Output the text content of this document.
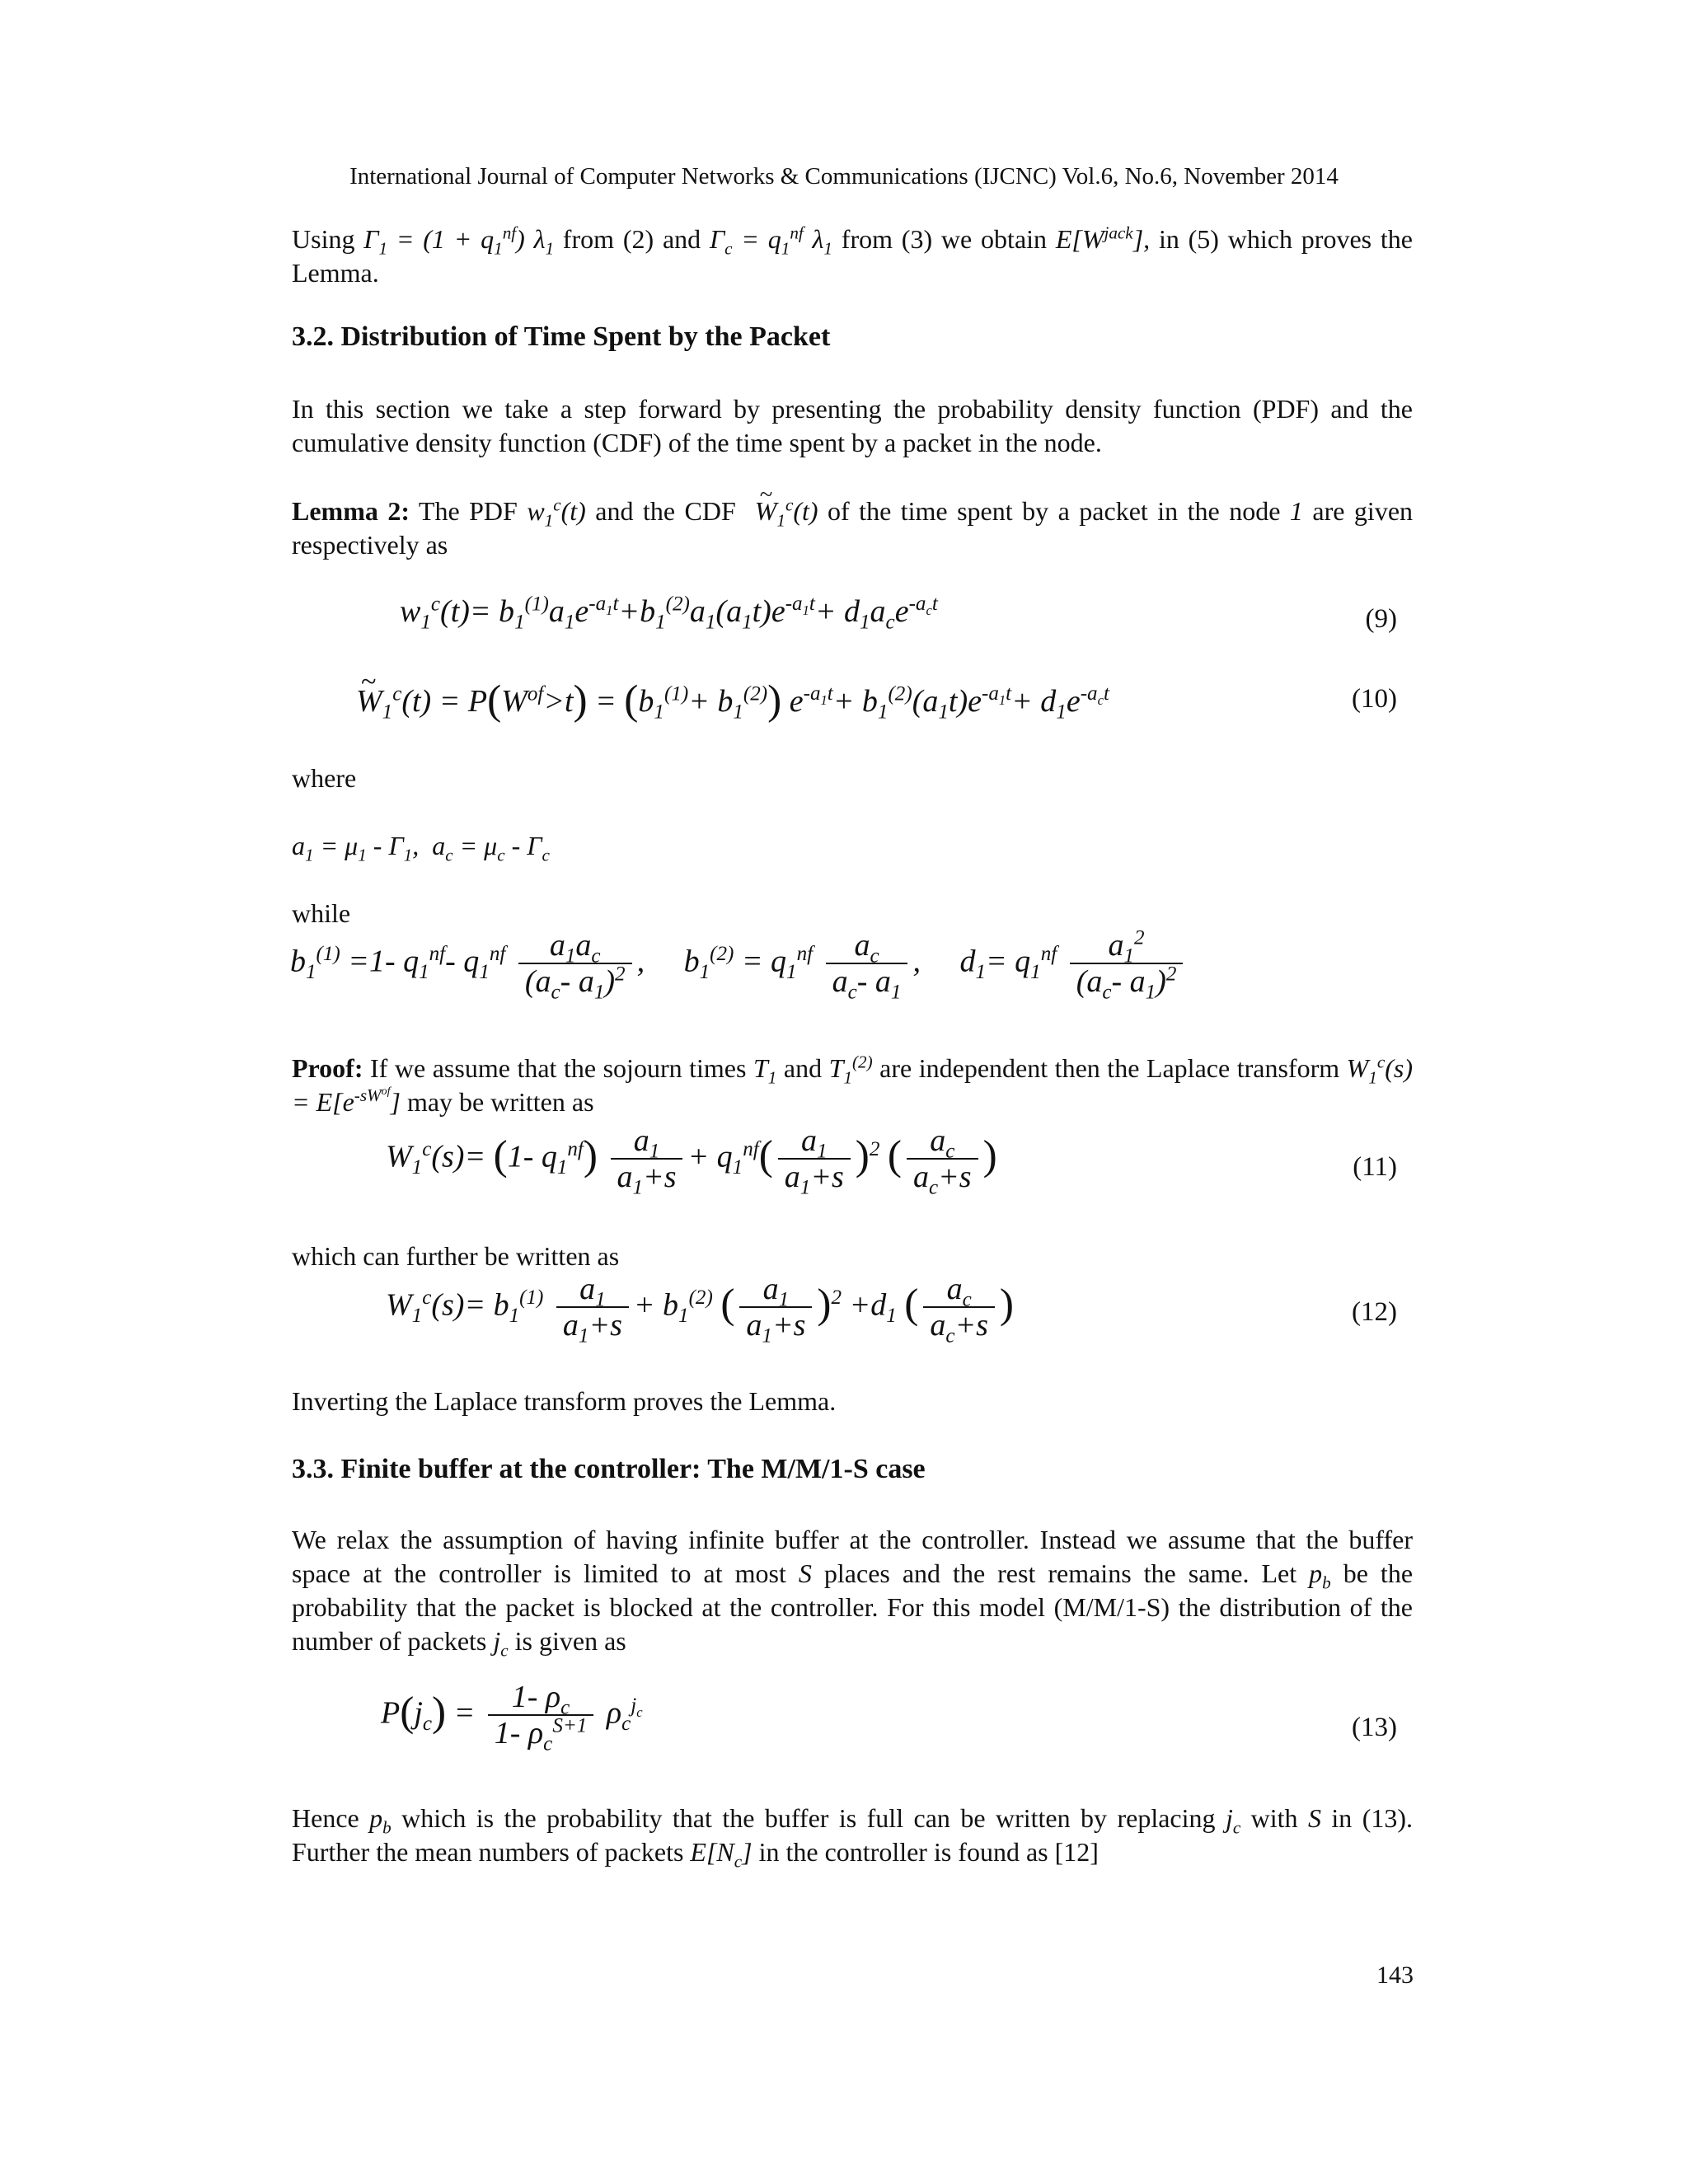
International Journal of Computer Networks & Communications (IJCNC) Vol.6, No.6, November 2014
Using $\Gamma_1 = (1 + q_1^{nf})$ $\lambda_1$ from (2) and $\Gamma_c = q_1^{nf}$ $\lambda_1$ from (3) we obtain $E[W^{jack}]$, in (5) which proves the Lemma.
3.2. Distribution of Time Spent by the Packet
In this section we take a step forward by presenting the probability density function (PDF) and the cumulative density function (CDF) of the time spent by a packet in the node.
Lemma 2: The PDF $w_1^c(t)$ and the CDF  ~ $W_1^c(t)$ of the time spent by a packet in the node 1 are given respectively as
$w_1^c(t)= b_1^{(1)}a_1e^{-a_1t}+b_1^{(2)}a_1(a_1t)e^{-a_1t}+ d_1a_ce^{-a_ct}$
(9)
~ $W_1^c(t) = P(W^{of}>t) = (b_1^{(1)}+ b_1^{(2)})$ $e^{-a_1t}+ b_1^{(2)}(a_1t)e^{-a_1t}+ d_1e^{-a_ct}$	(10)
where
$a_1 = \mu_1 - \Gamma_1$,  $a_c = \mu_c - \Gamma_c$
while
$b_1^{(1)} =1-$ $q_1^{nf}-$ $q_1^{nf} \frac{a_1a_c}{(a_c- a_1)^2}$ ,     $b_1^{(2)} = q_1^{nf} \frac{a_c}{a_c- a_1}$ ,     $d_1= q_1^{nf} \frac{a_1^2}{(a_c- a_1)^2}$
Proof: If we assume that the sojourn times $T_1$ and $T_1^{(2)}$ are independent then the Laplace transform $W_1^c(s) = E[e^{-sW^{of}}]$ may be written as
$W_1^c(s)= (1-$ $q_1^{nf}) \frac{a_1}{a_1+s} + q_1^{nf}( \frac{a_1}{a_1+s} )^2$ ( $\frac{a_c}{a_c+s}$ )	(11)
which can further be written as
$W_1^c(s)= b_1^{(1)} \frac{a_1}{a_1+s} + b_1^{(2)}$ ( $\frac{a_1}{a_1+s} )^2 +d_1$ ( $\frac{a_c}{a_c+s}$ )	(12)
Inverting the Laplace transform proves the Lemma.
3.3. Finite buffer at the controller: The M/M/1-S case
We relax the assumption of having infinite buffer at the controller. Instead we assume that the buffer space at the controller is limited to at most S places and the rest remains the same. Let $p_b$ be the probability that the packet is blocked at the controller. For this model (M/M/1-S) the distribution of the number of packets $j_c$ is given as
$P(j_c) = \frac{1- \rho_c}{1- \rho_c^{S+1}} \rho_c^{j_c}$
(13)
Hence $p_b$ which is the probability that the buffer is full can be written by replacing $j_c$ with S in (13). Further the mean numbers of packets $E[N_c]$ in the controller is found as [12]
143
